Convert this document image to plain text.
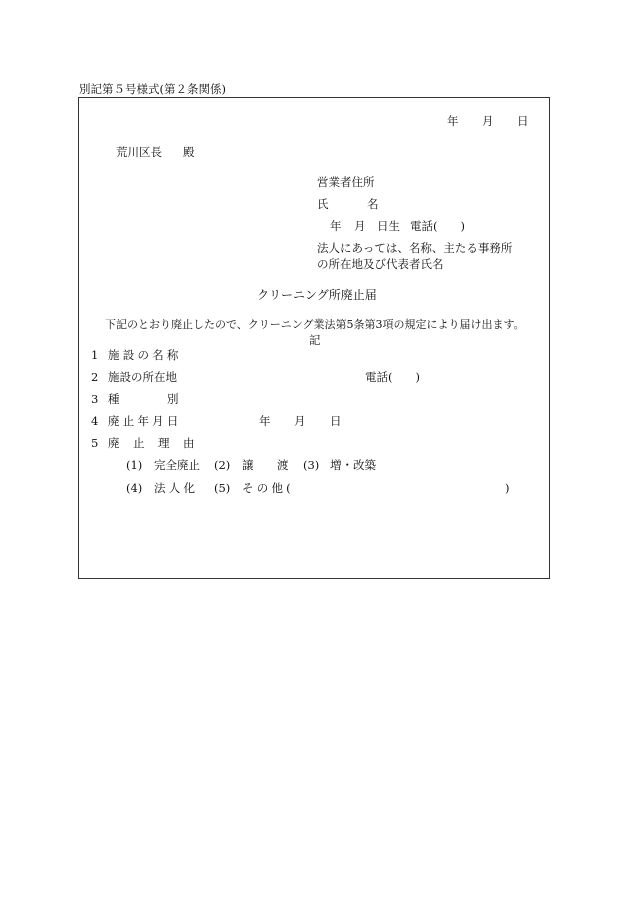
別記第５号様式(第２条関係)
年 月 日
荒川区長 殿
営業者住所
氏	名
年 月 日生 電話(　　)
法人にあっては、名称、主たる事務所
の所在地及び代表者氏名
クリーニング所廃止届
下記のとおり廃止したので、クリーニング業法第5条第3項の規定により届け出ます。
記
1 施設の名称
2 施設の所在地	電話(　　)
3 種	別
4 廃止年月日	年 月 日
5 廃 止 理 由
(1) 完全廃止 (2) 譲 渡 (3) 増・改築
(4) 法人化 (5) その他(	)
